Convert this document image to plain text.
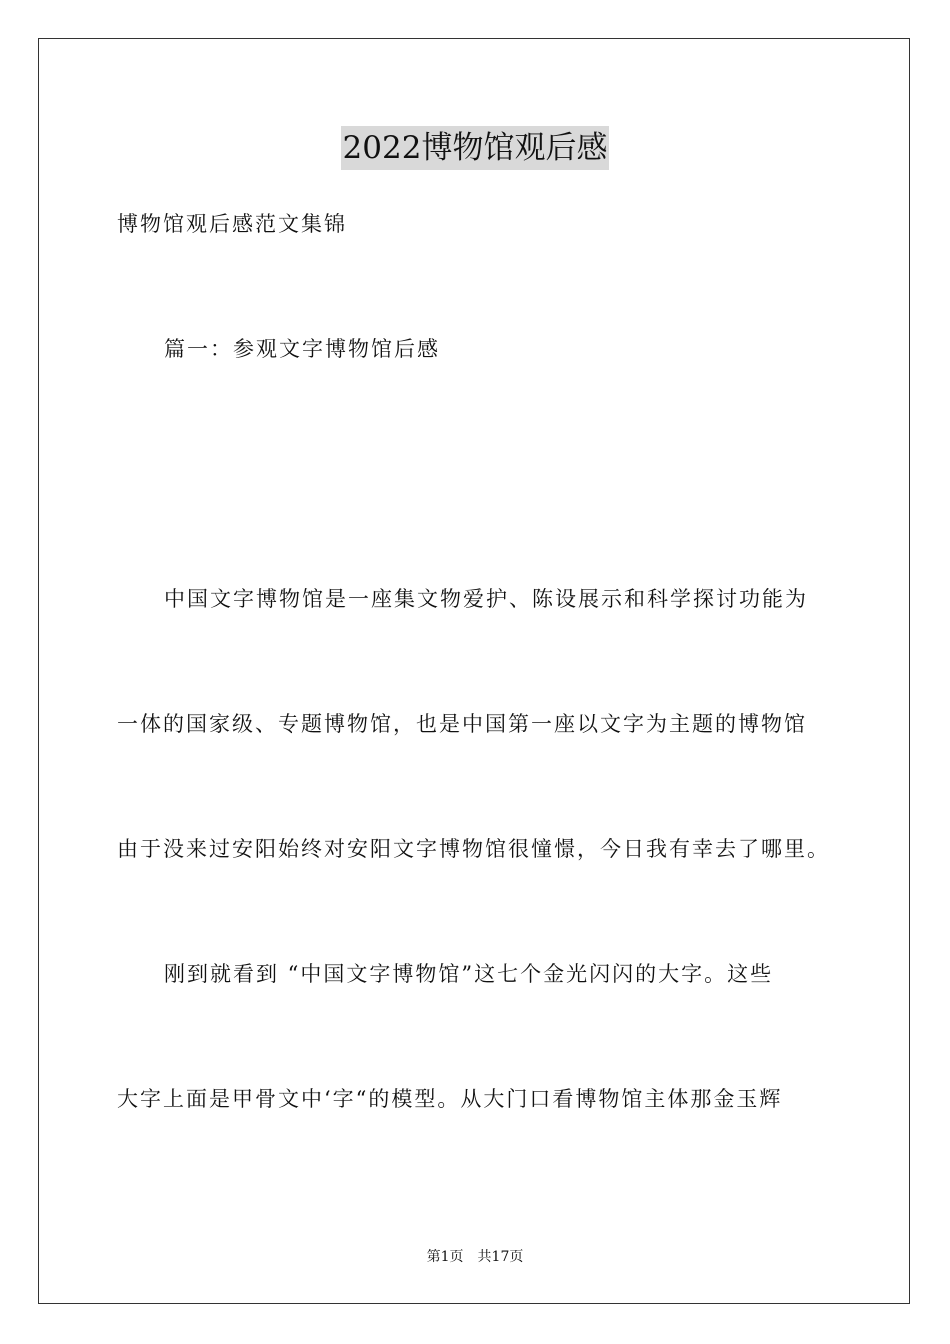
2022博物馆观后感
博物馆观后感范文集锦
篇一：参观文字博物馆后感
中国文字博物馆是一座集文物爱护、陈设展示和科学探讨功能为
一体的国家级、专题博物馆，也是中国第一座以文字为主题的博物馆
由于没来过安阳始终对安阳文字博物馆很憧憬，今日我有幸去了哪里。
刚到就看到 “中国文字博物馆”这七个金光闪闪的大字。这些
大字上面是甲骨文中‘字“的模型。从大门口看博物馆主体那金玉辉
第1页 共17页
